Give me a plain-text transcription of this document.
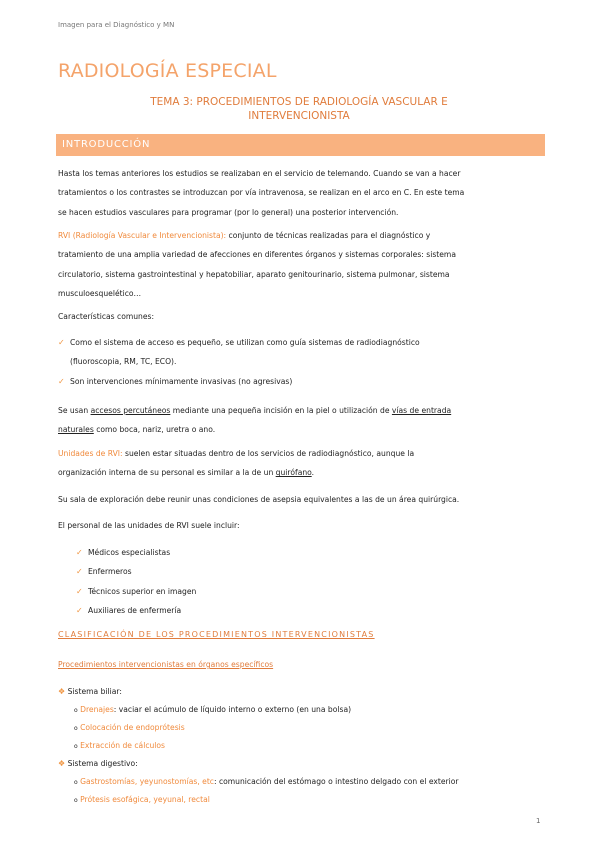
Imagen para el Diagnóstico y MN
RADIOLOGÍA ESPECIAL
TEMA 3: PROCEDIMIENTOS DE RADIOLOGÍA VASCULAR E
INTERVENCIONISTA
INTRODUCCIÓN
Hasta los temas anteriores los estudios se realizaban en el servicio de telemando. Cuando se van a hacer
tratamientos o los contrastes se introduzcan por vía intravenosa, se realizan en el arco en C. En este tema
se hacen estudios vasculares para programar (por lo general) una posterior intervención.
RVI (Radiología Vascular e Intervencionista): conjunto de técnicas realizadas para el diagnóstico y
tratamiento de una amplia variedad de afecciones en diferentes órganos y sistemas corporales: sistema
circulatorio, sistema gastrointestinal y hepatobiliar, aparato genitourinario, sistema pulmonar, sistema
musculoesquelético…
Características comunes:
✓ Como el sistema de acceso es pequeño, se utilizan como guía sistemas de radiodiagnóstico
(fluoroscopia, RM, TC, ECO).
✓ Son intervenciones mínimamente invasivas (no agresivas)
Se usan accesos percutáneos mediante una pequeña incisión en la piel o utilización de vías de entrada
naturales como boca, nariz, uretra o ano.
Unidades de RVI: suelen estar situadas dentro de los servicios de radiodiagnóstico, aunque la
organización interna de su personal es similar a la de un quirófano.
Su sala de exploración debe reunir unas condiciones de asepsia equivalentes a las de un área quirúrgica.
El personal de las unidades de RVI suele incluir:
✓ Médicos especialistas
✓ Enfermeros
✓ Técnicos superior en imagen
✓ Auxiliares de enfermería
CLASIFICACIÓN DE LOS PROCEDIMIENTOS INTERVENCIONISTAS
Procedimientos intervencionistas en órganos específicos
❖ Sistema biliar:
o Drenajes: vaciar el acúmulo de líquido interno o externo (en una bolsa)
o Colocación de endoprótesis
o Extracción de cálculos
❖ Sistema digestivo:
o Gastrostomías, yeyunostomías, etc: comunicación del estómago o intestino delgado con el exterior
o Prótesis esofágica, yeyunal, rectal
1
